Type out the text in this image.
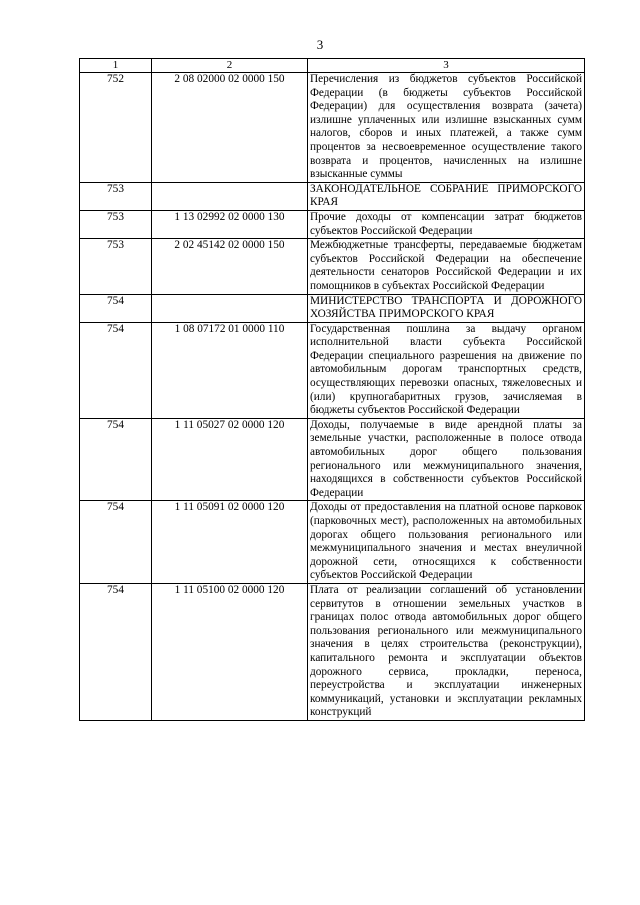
3
1	2	3
752	2 08 02000 02 0000 150	Перечисления из бюджетов субъектов Российской Федерации (в бюджеты субъектов Российской Федерации) для осуществления возврата (зачета) излишне уплаченных или излишне взысканных сумм налогов, сборов и иных платежей, а также сумм процентов за несвоевременное осуществление такого возврата и процентов, начисленных на излишне взысканные суммы
753		ЗАКОНОДАТЕЛЬНОЕ СОБРАНИЕ ПРИМОРСКОГО КРАЯ
753	1 13 02992 02 0000 130	Прочие доходы от компенсации затрат бюджетов субъектов Российской Федерации
753	2 02 45142 02 0000 150	Межбюджетные трансферты, передаваемые бюджетам субъектов Российской Федерации на обеспечение деятельности сенаторов Российской Федерации и их помощников в субъектах Российской Федерации
754		МИНИСТЕРСТВО ТРАНСПОРТА И ДОРОЖНОГО ХОЗЯЙСТВА ПРИМОРСКОГО КРАЯ
754	1 08 07172 01 0000 110	Государственная пошлина за выдачу органом исполнительной власти субъекта Российской Федерации специального разрешения на движение по автомобильным дорогам транспортных средств, осуществляющих перевозки опасных, тяжеловесных и (или) крупногабаритных грузов, зачисляемая в бюджеты субъектов Российской Федерации
754	1 11 05027 02 0000 120	Доходы, получаемые в виде арендной платы за земельные участки, расположенные в полосе отвода автомобильных дорог общего пользования регионального или межмуниципального значения, находящихся в собственности субъектов Российской Федерации
754	1 11 05091 02 0000 120	Доходы от предоставления на платной основе парковок (парковочных мест), расположенных на автомобильных дорогах общего пользования регионального или межмуниципального значения и местах внеуличной дорожной сети, относящихся к собственности субъектов Российской Федерации
754	1 11 05100 02 0000 120	Плата от реализации соглашений об установлении сервитутов в отношении земельных участков в границах полос отвода автомобильных дорог общего пользования регионального или межмуниципального значения в целях строительства (реконструкции), капитального ремонта и эксплуатации объектов дорожного сервиса, прокладки, переноса, переустройства и эксплуатации инженерных коммуникаций, установки и эксплуатации рекламных конструкций
